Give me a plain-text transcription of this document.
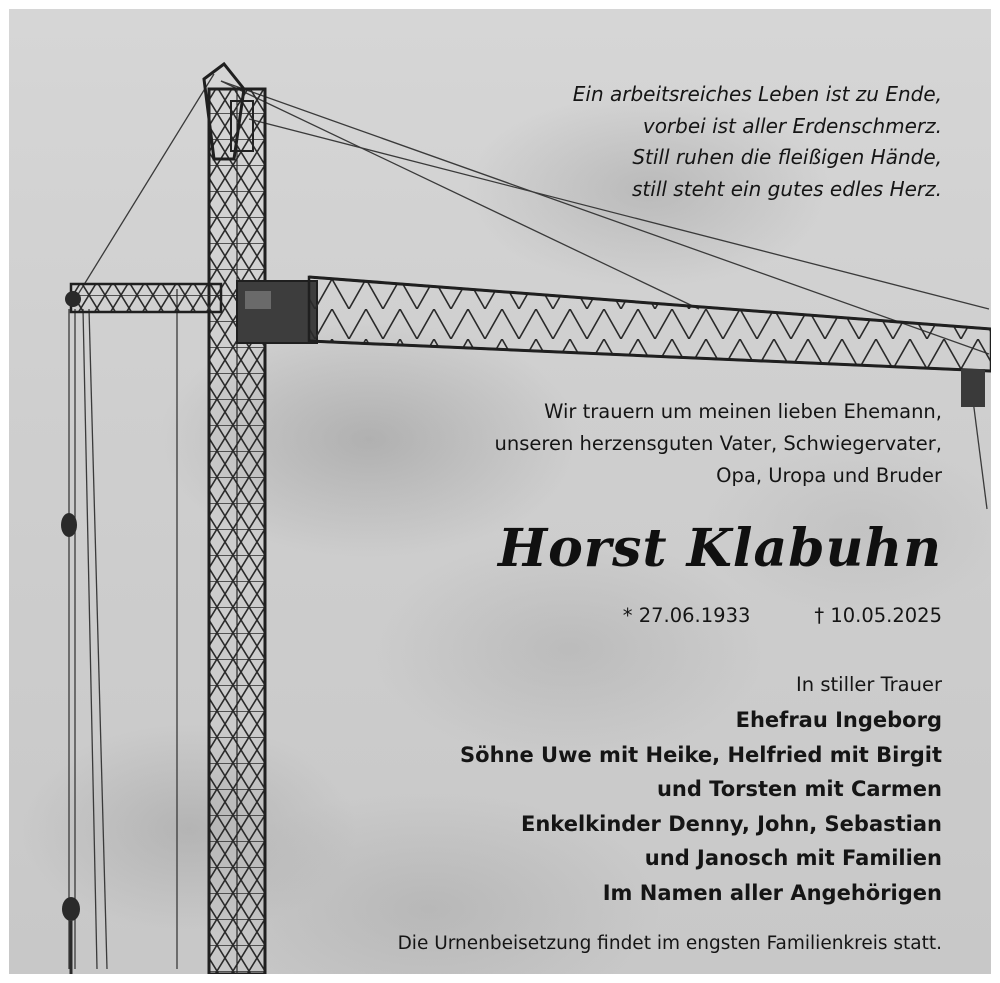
Ein arbeitsreiches Leben ist zu Ende,
vorbei ist aller Erdenschmerz.
Still ruhen die fleißigen Hände,
still steht ein gutes edles Herz.
Wir trauern um meinen lieben Ehemann,
unseren herzensguten Vater, Schwiegervater,
Opa, Uropa und Bruder
Horst Klabuhn
* 27.06.1933	† 10.05.2025
In stiller Trauer
Ehefrau Ingeborg
Söhne Uwe mit Heike, Helfried mit Birgit
und Torsten mit Carmen
Enkelkinder Denny, John, Sebastian
und Janosch mit Familien
Im Namen aller Angehörigen
Die Urnenbeisetzung findet im engsten Familienkreis statt.
